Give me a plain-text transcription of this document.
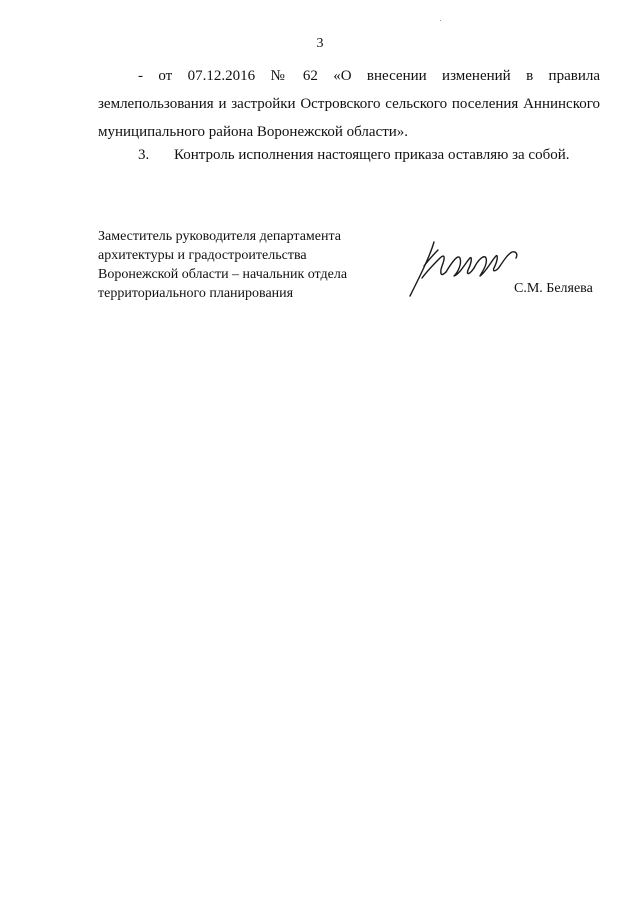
3
- от 07.12.2016 № 62 «О внесении изменений в правила
землепользования и застройки Островского сельского поселения Аннинского
муниципального района Воронежской области».
3. Контроль исполнения настоящего приказа оставляю за собой.
Заместитель руководителя департамента
архитектуры и градостроительства
Воронежской области – начальник отдела
территориального планирования	С.М. Беляева
